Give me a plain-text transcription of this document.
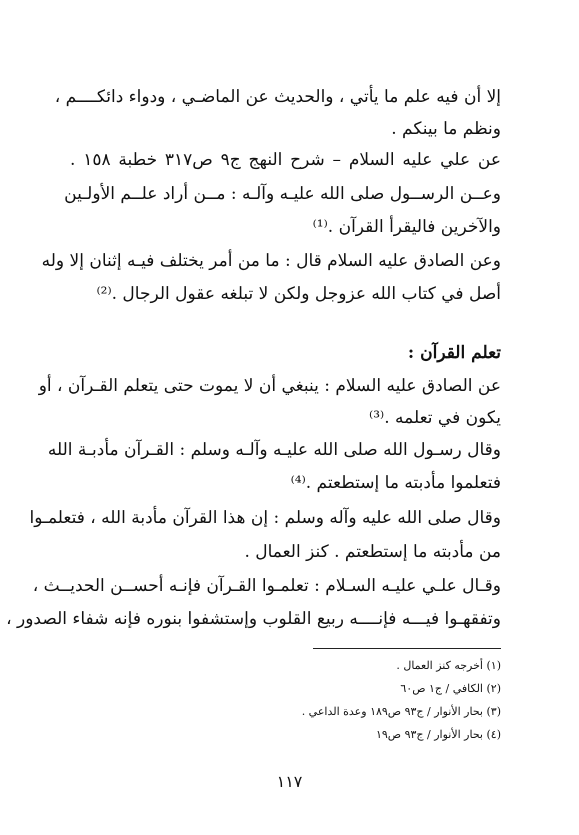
إلا أن فيه علم ما يأتي ، والحديث عن الماضـي ، ودواء دائكــــم ،
ونظم ما بينكم .
عن علي عليه السلام – شرح النهج ج٩ ص٣١٧ خطبة ١٥٨ .
وعــن الرســول صلى الله عليـه وآلـه : مــن أراد علــم الأولـين
والآخرين فاليقرأ القرآن .⁽¹⁾
وعن الصادق عليه السلام قال : ما من أمر يختلف فيـه إثنان إلا وله
أصل في كتاب الله عزوجل ولكن لا تبلغه عقول الرجال .⁽²⁾
تعلم القرآن :
عن الصادق عليه السلام : ينبغي أن لا يموت حتى يتعلم القـرآن ، أو
يكون في تعلمه .⁽³⁾
وقال رسـول الله صلى الله عليـه وآلـه وسلم : القـرآن مأدبـة الله
فتعلموا مأدبته ما إستطعتم .⁽⁴⁾
وقال صلى الله عليه وآله وسلم : إن هذا القرآن مأدبة الله ، فتعلمـوا
من مأدبته ما إستطعتم . كنز العمال .
وقـال علـي عليـه السـلام : تعلمـوا القـرآن فإنـه أحســن الحديــث ،
وتفقهـوا فيـــه فإنــــه ربيع القلوب وإستشفوا بنوره فإنه شفاء الصدور ،
(١) أخرجه كنز العمال .
(٢) الكافي / ج١ ص٦٠
(٣) بحار الأنوار / ج٩٣ ص١٨٩ وعدة الداعي .
(٤) بحار الأنوار / ج٩٣ ص١٩
١١٧
